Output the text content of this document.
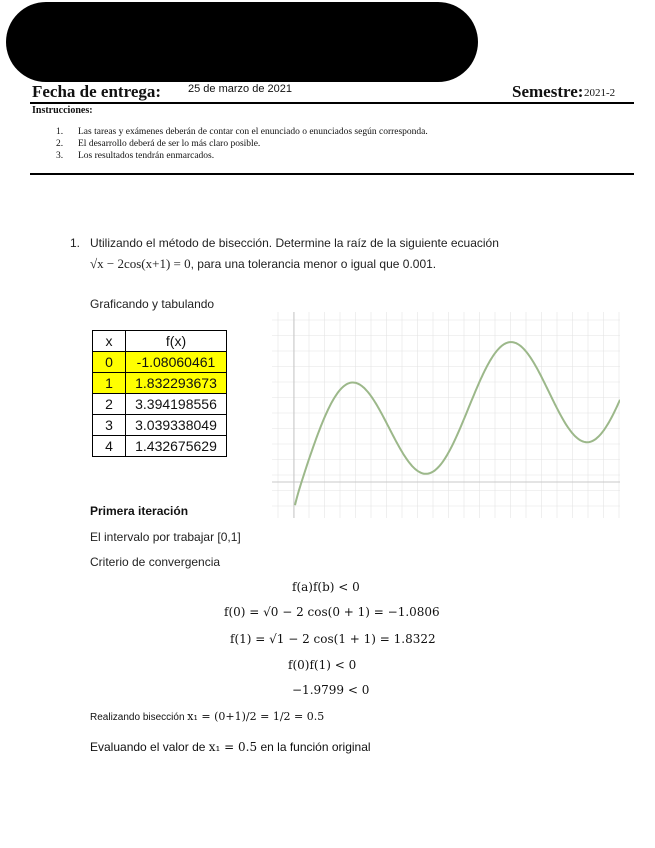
Fecha de entrega: 25 de marzo de 2021	Semestre: 2021-2
Instrucciones:
1. Las tareas y exámenes deberán de contar con el enunciado o enunciados según corresponda.
2. El desarrollo deberá de ser lo más claro posible.
3. Los resultados tendrán enmarcados.
1. Utilizando el método de bisección. Determine la raíz de la siguiente ecuación
√x − 2cos(x+1) = 0, para una tolerancia menor o igual que 0.001.
Graficando y tabulando
x	f(x)
0	-1.08060461
1	1.832293673
2	3.394198556
3	3.039338049
4	1.432675629
Primera iteración
El intervalo por trabajar [0,1]
Criterio de convergencia
f(a)f(b) < 0
f(0) = √0 − 2 cos(0 + 1) = −1.0806
f(1) = √1 − 2 cos(1 + 1) = 1.8322
f(0)f(1) < 0
−1.9799 < 0
Realizando bisección x₁ = (0+1)/2 = 1/2 = 0.5
Evaluando el valor de x₁ = 0.5 en la función original
